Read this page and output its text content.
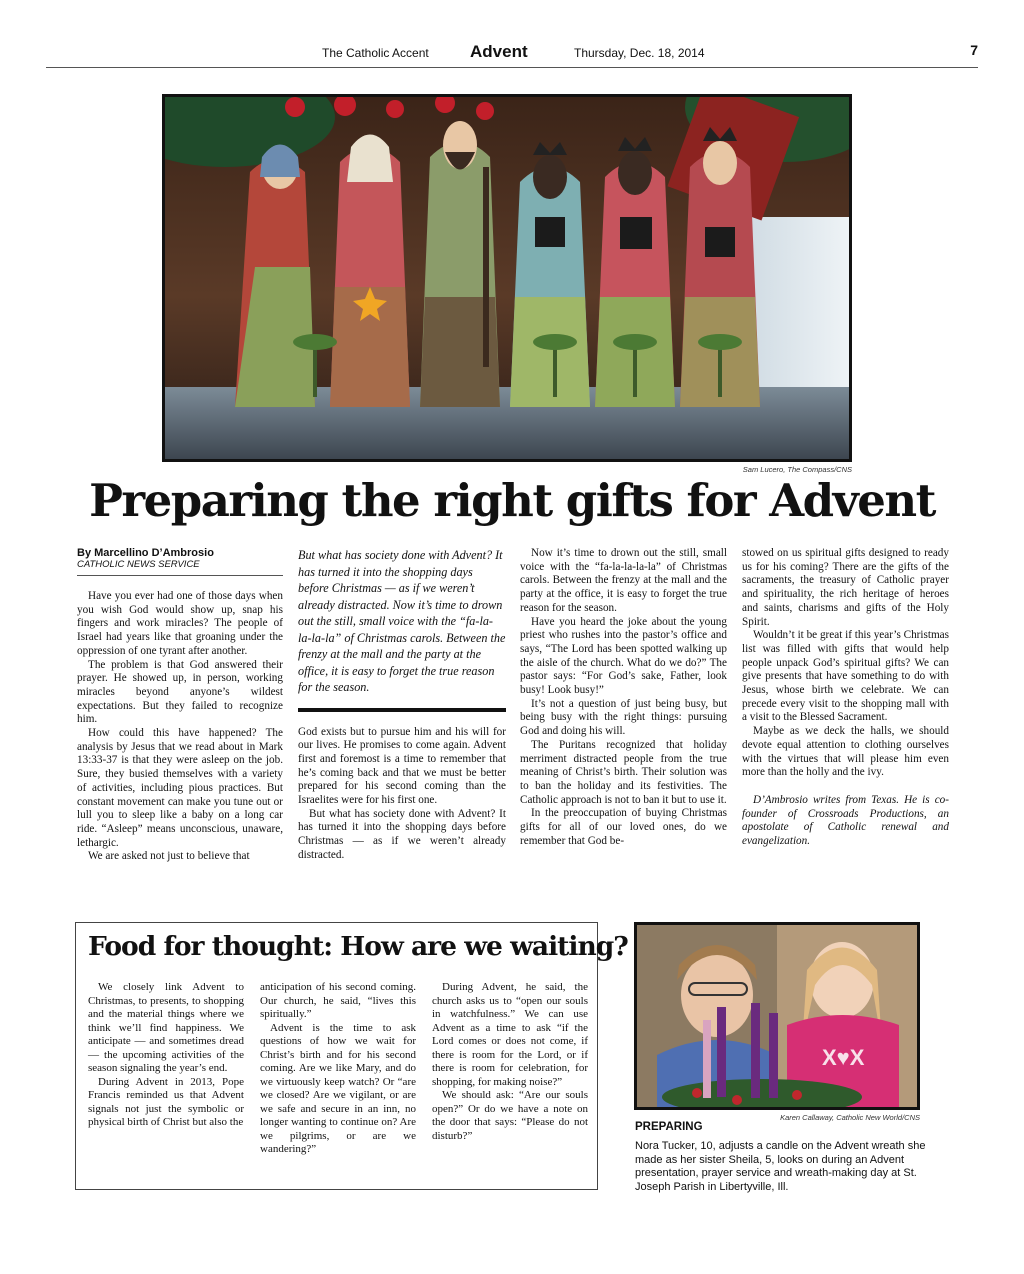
The Catholic Accent Advent	Thursday, Dec. 18, 2014	7
Sam Lucero, The Compass/CNS
Preparing the right gifts for Advent
By Marcellino D’Ambrosio
CATHOLIC NEWS SERVICE

Have you ever had one of those days when you wish God would show up, snap his fingers and work miracles? The people of Israel had years like that groaning under the oppression of one tyrant after another.

The problem is that God answered their prayer. He showed up, in person, working miracles beyond anyone’s wildest expectations. But they failed to recognize him.

How could this have happened? The analysis by Jesus that we read about in Mark 13:33-37 is that they were asleep on the job. Sure, they busied themselves with a variety of activities, including pious practices. But constant movement can make you tune out or lull you to sleep like a baby on a long car ride. “Asleep” means unconscious, unaware, lethargic.

We are asked not just to believe that

But what has society done with Advent? It has turned it into the shopping days before Christmas — as if we weren’t already distracted. Now it’s time to drown out the still, small voice with the “fa-la-la-la-la” of Christmas carols. Between the frenzy at the mall and the party at the office, it is easy to forget the true reason for the season.

God exists but to pursue him and his will for our lives. He promises to come again. Advent first and foremost is a time to remember that he’s coming back and that we must be better prepared for his second coming than the Israelites were for his first one.

But what has society done with Advent? It has turned it into the shopping days before Christmas — as if we weren’t already distracted.

Now it’s time to drown out the still, small voice with the “fa-la-la-la-la” of Christmas carols. Between the frenzy at the mall and the party at the office, it is easy to forget the true reason for the season.

Have you heard the joke about the young priest who rushes into the pastor’s office and says, “The Lord has been spotted walking up the aisle of the church. What do we do?” The pastor says: “For God’s sake, Father, look busy! Look busy!”

It’s not a question of just being busy, but being busy with the right things: pursuing God and doing his will.

The Puritans recognized that holiday merriment distracted people from the true meaning of Christ’s birth. Their solution was to ban the holiday and its festivities. The Catholic approach is not to ban it but to use it.

In the preoccupation of buying Christmas gifts for all of our loved ones, do we remember that God be-

stowed on us spiritual gifts designed to ready us for his coming? There are the gifts of the sacraments, the treasury of Catholic prayer and spirituality, the rich heritage of heroes and saints, charisms and gifts of the Holy Spirit.

Wouldn’t it be great if this year’s Christmas list was filled with gifts that would help people unpack God’s spiritual gifts? We can give presents that have something to do with Jesus, whose birth we celebrate. We can precede every visit to the shopping mall with a visit to the Blessed Sacrament.

Maybe as we deck the halls, we should devote equal attention to clothing ourselves with the virtues that will please him even more than the holly and the ivy.

D’Ambrosio writes from Texas. He is co-founder of Crossroads Productions, an apostolate of Catholic renewal and evangelization.

Food for thought: How are we waiting?

We closely link Advent to Christmas, to presents, to shopping and the material things where we think we’ll find happiness. We anticipate — and sometimes dread — the upcoming activities of the season signaling the year’s end.

During Advent in 2013, Pope Francis reminded us that Advent signals not just the symbolic or physical birth of Christ but also the

anticipation of his second coming. Our church, he said, “lives this spiritually.”

Advent is the time to ask questions of how we wait for Christ’s birth and for his second coming. Are we like Mary, and do we virtuously keep watch? Or “are we closed? Are we vigilant, or are we safe and secure in an inn, no longer wanting to continue on? Are we pilgrims, or are we wandering?”

During Advent, he said, the church asks us to “open our souls in watchfulness.” We can use Advent as a time to ask “if the Lord comes or does not come, if there is room for the Lord, or if there is room for celebration, for shopping, for making noise?”

We should ask: “Are our souls open?” Or do we have a note on the door that says: “Please do not disturb?”

X♥X
Karen Callaway, Catholic New World/CNS
PREPARING
Nora Tucker, 10, adjusts a candle on the Advent wreath she made as her sister Sheila, 5, looks on during an Advent presentation, prayer service and wreath-making day at St. Joseph Parish in Libertyville, Ill.
